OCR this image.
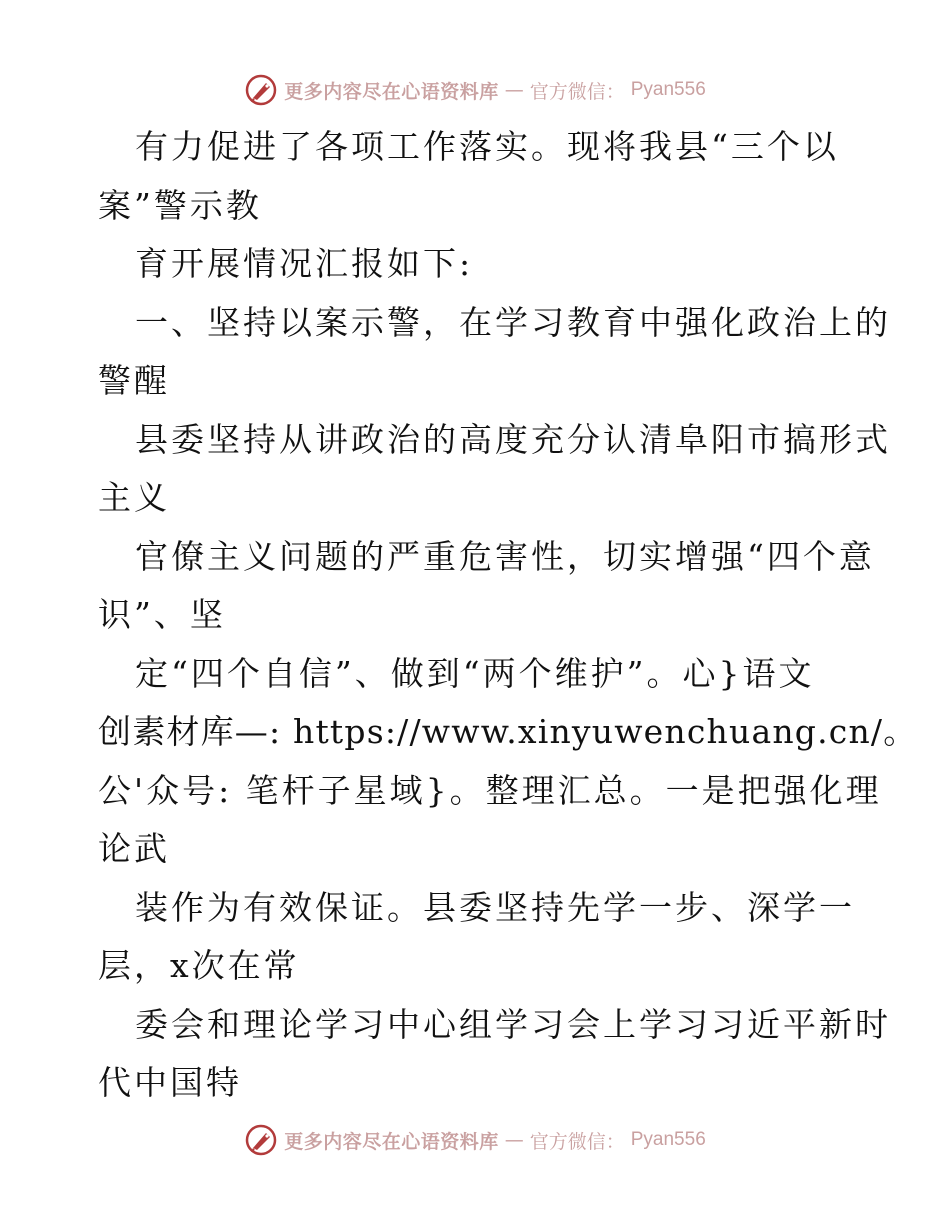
更多内容尽在心语资料库 — 官方微信： Pyan556
有力促进了各项工作落实。现将我县“三个以
案”警示教
育开展情况汇报如下:
一、坚持以案示警，在学习教育中强化政治上的
警醒
县委坚持从讲政治的高度充分认清阜阳市搞形式
主义
官僚主义问题的严重危害性，切实增强“四个意
识”、坚
定“四个自信”、做到“两个维护”。心}语文
创素材库—: https://www.xinyuwenchuang.cn/。
公'众号: 笔杆子星域}。整理汇总。一是把强化理
论武
装作为有效保证。县委坚持先学一步、深学一
层，x次在常
委会和理论学习中心组学习会上学习习近平新时
代中国特
更多内容尽在心语资料库 — 官方微信： Pyan556
